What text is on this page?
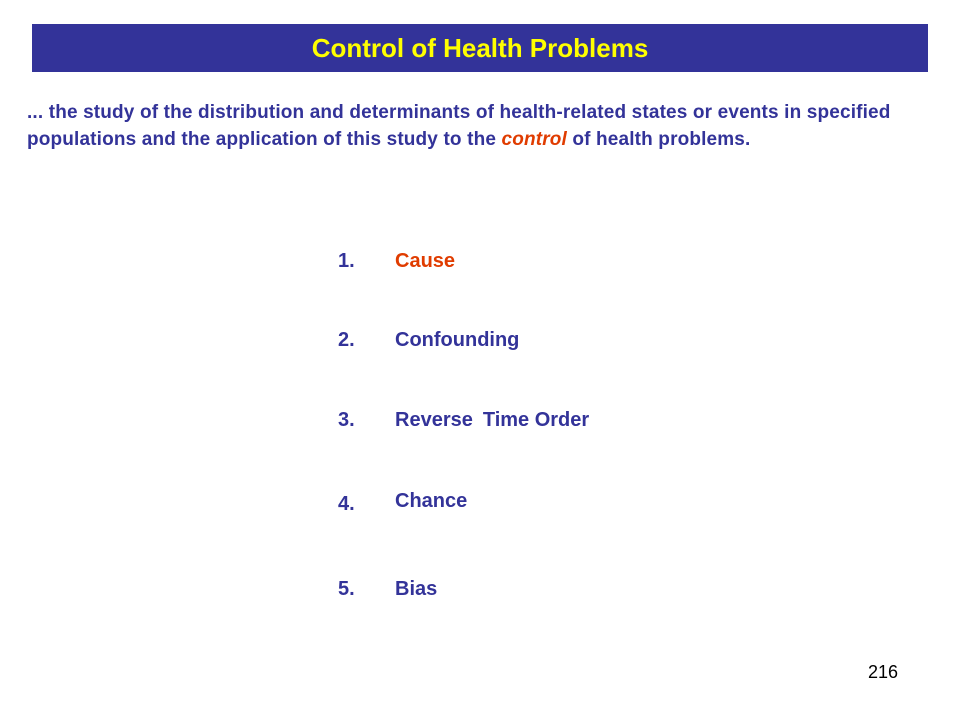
Control of Health Problems
... the study of the distribution and determinants of health-related states or events in specified populations and the application of this study to the control of health problems.
1. Cause
2. Confounding
3. Reverse Time Order
4. Chance
5. Bias
216
